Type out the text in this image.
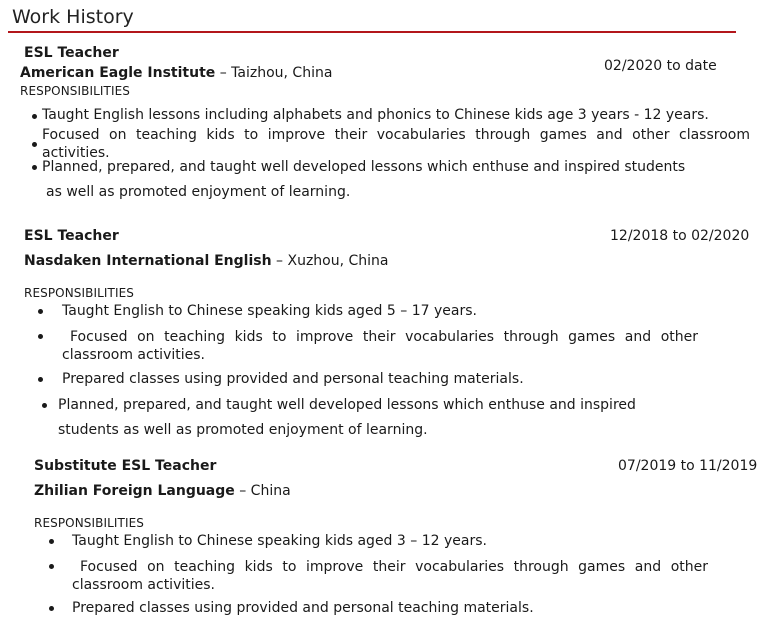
Work History
ESL Teacher
American Eagle Institute – Taizhou, China	02/2020 to date
RESPONSIBILITIES
Taught English lessons including alphabets and phonics to Chinese kids age 3 years - 12 years.
Focused on teaching kids to improve their vocabularies through games and other classroom activities.
Planned, prepared, and taught well developed lessons which enthuse and inspired students
as well as promoted enjoyment of learning.
ESL Teacher	12/2018 to 02/2020
Nasdaken International English – Xuzhou, China
RESPONSIBILITIES
Taught English to Chinese speaking kids aged 5 – 17 years.
Focused on teaching kids to improve their vocabularies through games and other classroom activities.
Prepared classes using provided and personal teaching materials.
Planned, prepared, and taught well developed lessons which enthuse and inspired
students as well as promoted enjoyment of learning.
Substitute ESL Teacher	07/2019 to 11/2019
Zhilian Foreign Language – China
RESPONSIBILITIES
Taught English to Chinese speaking kids aged 3 – 12 years.
Focused on teaching kids to improve their vocabularies through games and other classroom activities.
Prepared classes using provided and personal teaching materials.
